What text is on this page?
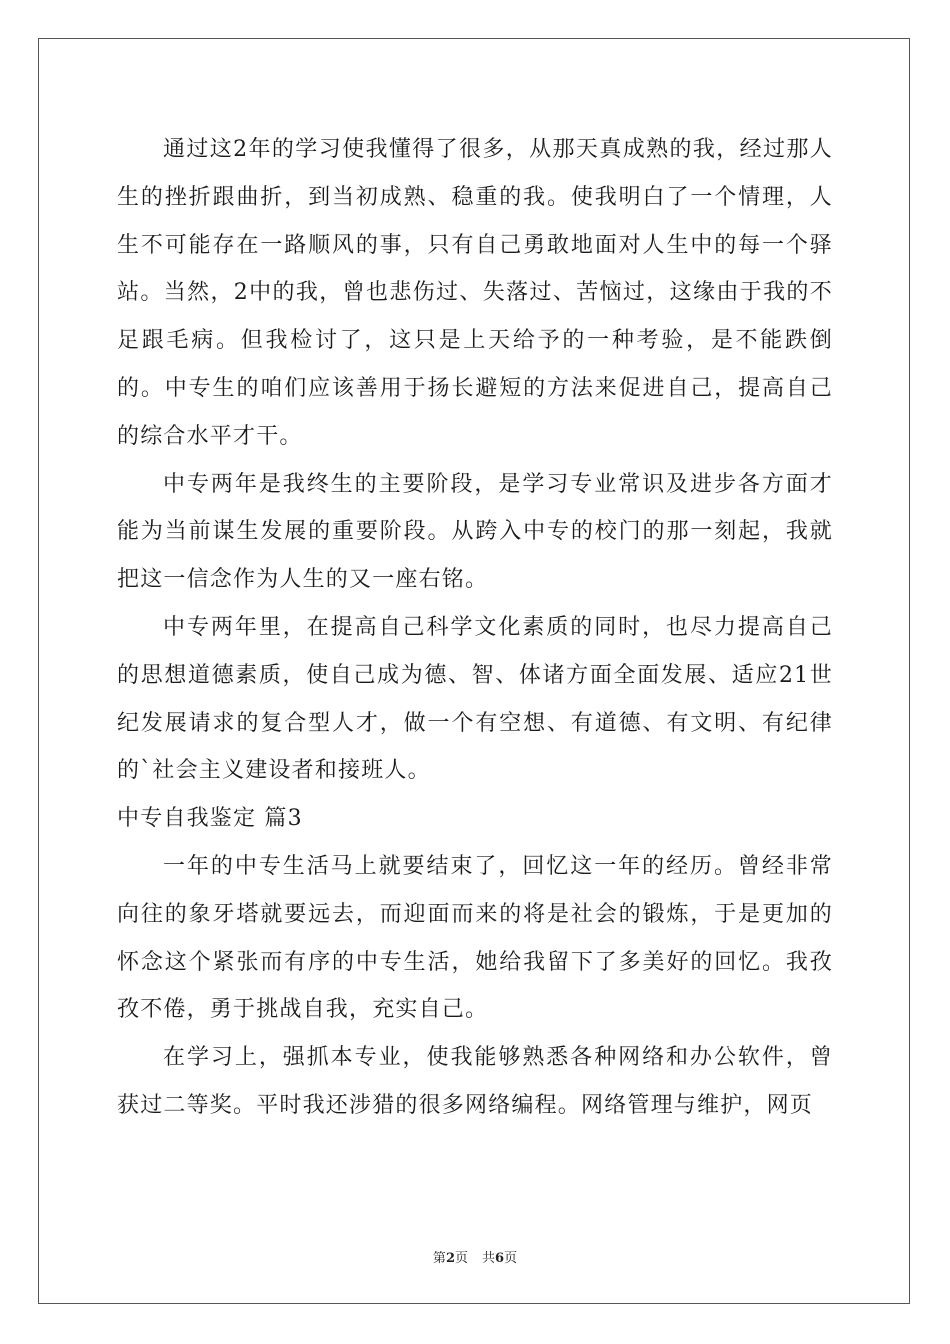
通过这2年的学习使我懂得了很多，从那天真成熟的我，经过那人生的挫折跟曲折，到当初成熟、稳重的我。使我明白了一个情理，人生不可能存在一路顺风的事，只有自己勇敢地面对人生中的每一个驿站。当然，2中的我，曾也悲伤过、失落过、苦恼过，这缘由于我的不足跟毛病。但我检讨了，这只是上天给予的一种考验，是不能跌倒的。中专生的咱们应该善用于扬长避短的方法来促进自己，提高自己的综合水平才干。

中专两年是我终生的主要阶段，是学习专业常识及进步各方面才能为当前谋生发展的重要阶段。从跨入中专的校门的那一刻起，我就把这一信念作为人生的又一座右铭。

中专两年里，在提高自己科学文化素质的同时，也尽力提高自己的思想道德素质，使自己成为德、智、体诸方面全面发展、适应21世纪发展请求的复合型人才，做一个有空想、有道德、有文明、有纪律的`社会主义建设者和接班人。

中专自我鉴定 篇3

一年的中专生活马上就要结束了，回忆这一年的经历。曾经非常向往的象牙塔就要远去，而迎面而来的将是社会的锻炼，于是更加的怀念这个紧张而有序的中专生活，她给我留下了多美好的回忆。我孜孜不倦，勇于挑战自我，充实自己。

在学习上，强抓本专业，使我能够熟悉各种网络和办公软件，曾获过二等奖。平时我还涉猎的很多网络编程。网络管理与维护，网页

第2页 共6页
